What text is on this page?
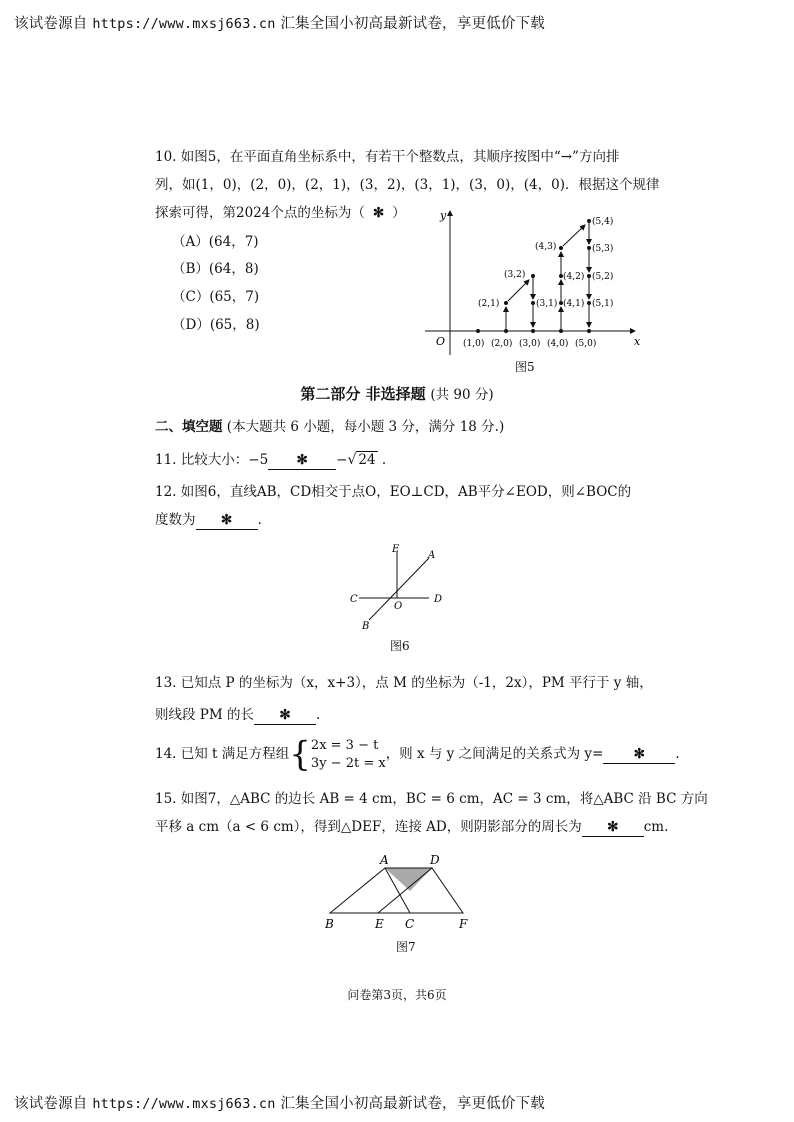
该试卷源自 https://www.mxsj663.cn 汇集全国小初高最新试卷，享更低价下载
10. 如图5，在平面直角坐标系中，有若干个整数点，其顺序按图中“→”方向排
列，如(1，0)，(2，0)，(2，1)，(3，2)，(3，1)，(3，0)，(4，0)．根据这个规律
探索可得，第2024个点的坐标为（ ✻ ）
（A）(64，7)
（B）(64，8)
（C）(65，7)
（D）(65，8)
y
x
O (1,0) (2,0) (3,0) (4,0) (5,0)
(2,1)
(3,2)
(3,1)
(4,3)
(4,2)
(4,1)
(5,4)
(5,3)
(5,2)
(5,1)
图5
第二部分 非选择题 (共 90 分)
二、填空题 (本大题共 6 小题，每小题 3 分，满分 18 分.)
11. 比较大小：−5 ✻ −√ 24 .
12. 如图6，直线AB，CD相交于点O，EO⊥CD，AB平分∠EOD，则∠BOC的
度数为 ✻ .
E
A
C
O
D
B
图6
13. 已知点 P 的坐标为（x，x+3），点 M 的坐标为（-1，2x），PM 平行于 y 轴，
则线段 PM 的长 ✻ .
14. 已知 t 满足方程组{2x = 3 − t
3y − 2t = x，则 x 与 y 之间满足的关系式为 y= ✻ .
15. 如图7，△ABC 的边长 AB = 4 cm，BC = 6 cm，AC = 3 cm，将△ABC 沿 BC 方向
平移 a cm（a < 6 cm），得到△DEF，连接 AD，则阴影部分的周长为 ✻ cm.
A	D
B	E C	F
图7
问卷第3页，共6页
该试卷源自 https://www.mxsj663.cn 汇集全国小初高最新试卷，享更低价下载
